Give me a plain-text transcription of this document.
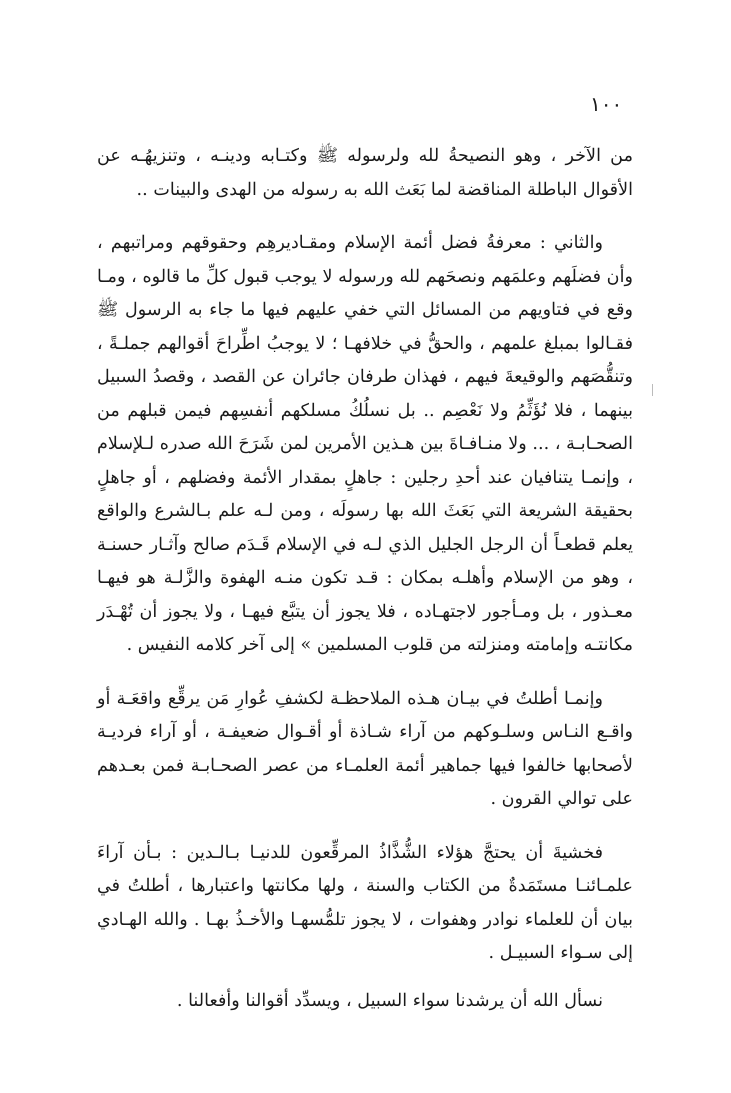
١٠٠

من الآخر ، وهو النصيحةُ لله ولرسوله ﷺ وكتـابه ودينـه ، وتنزيهُـه عن الأقوال الباطلة المناقضة لما بَعَث الله به رسوله من الهدى والبينات ..

والثاني : معرفةُ فضل أئمة الإسلام ومقـاديرهِم وحقوقهم ومراتبهم ، وأن فضلَهم وعلمَهم ونصحَهم لله ورسوله لا يوجب قبول كلِّ ما قالوه ، ومـا وقع في فتاويهم من المسائل التي خفي عليهم فيها ما جاء به الرسول ﷺ فقـالوا بمبلغ علمهم ، والحقُّ في خلافهـا ؛ لا يوجبُ اطِّراحَ أقوالهم جملـةً ، وتنقُّصَهم والوقيعةَ فيهم ، فهذان طرفان جائران عن القصد ، وقصدُ السبيل بينهما ، فلا نُؤَثِّمُ ولا نَعْصِم .. بل نسلُكُ مسلكهم أنفسِهم فيمن قبلهم من الصحـابـة ، ... ولا منـافـاةَ بين هـذين الأمرين لمن شَرَحَ الله صدره لـلإسلام ، وإنمـا يتنافيان عند أحدِ رجلين : جاهلٍ بمقدار الأئمة وفضلهم ، أو جاهلٍ بحقيقة الشريعة التي بَعَثَ الله بها رسولَه ، ومن لـه علم بـالشرع والواقع يعلم قطعـاً أن الرجل الجليل الذي لـه في الإسلام قَـدَم صالح وآثـار حسنـة ، وهو من الإسلام وأهلـه بمكان : قـد تكون منـه الهفوة والزَّلـة هو فيهـا معـذور ، بل ومـأجور لاجتهـاده ، فلا يجوز أن يتبَّع فيهـا ، ولا يجوز أن تُهْـدَر مكانتـه وإمامته ومنزلته من قلوب المسلمين » إلى آخر كلامه النفيس .

وإنمـا أطلتُ في بيـان هـذه الملاحظـة لكشفِ عُوارِ مَن يرقِّع واقعَـة أو واقـع النـاس وسلـوكهم من آراء شـاذة أو أقـوال ضعيفـة ، أو آراء فرديـة لأصحابها خالفوا فيها جماهير أئمة العلمـاء من عصر الصحـابـة فمن بعـدهم على توالي القرون .

فخشيةَ أن يحتجَّ هؤلاء الشُّذَّاذُ المرقِّعون للدنيـا بـالـدين : بـأن آراءَ علمـائنـا مستَمَدةٌ من الكتاب والسنة ، ولها مكانتها واعتبارها ، أطلتُ في بيان أن للعلماء نوادر وهفوات ، لا يجوز تلمُّسهـا والأخـذُ بهـا . والله الهـادي إلى سـواء السبيـل .

نسأل الله أن يرشدنا سواء السبيل ، ويسدِّد أقوالنا وأفعالنا .
